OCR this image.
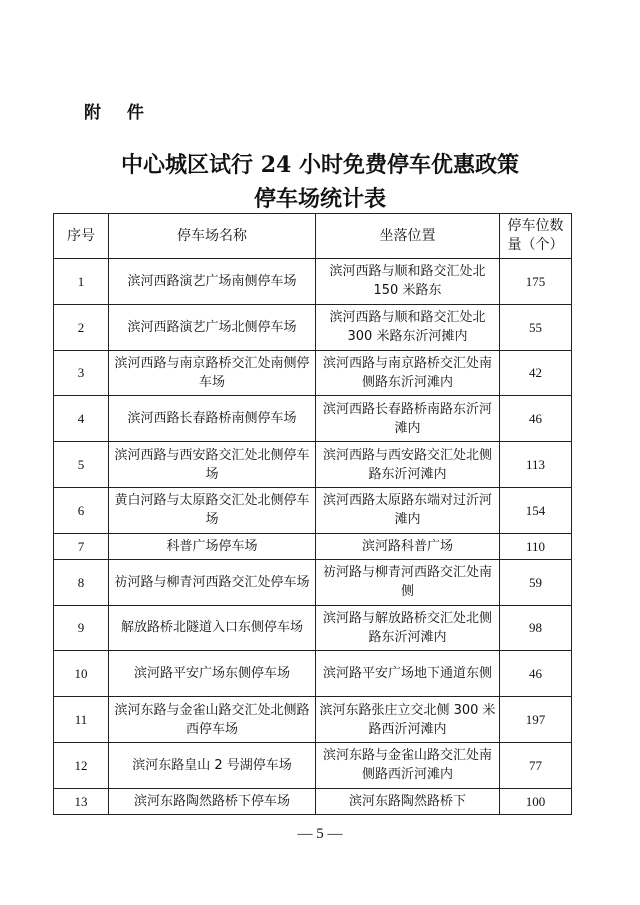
附 件
中心城区试行 24 小时免费停车优惠政策
停车场统计表
序号	停车场名称	坐落位置	停车位数量（个）
1	滨河西路演艺广场南侧停车场	滨河西路与顺和路交汇处北 150 米路东	175
2	滨河西路演艺广场北侧停车场	滨河西路与顺和路交汇处北 300 米路东沂河摊内	55
3	滨河西路与南京路桥交汇处南侧停车场	滨河西路与南京路桥交汇处南侧路东沂河滩内	42
4	滨河西路长春路桥南侧停车场	滨河西路长春路桥南路东沂河滩内	46
5	滨河西路与西安路交汇处北侧停车场	滨河西路与西安路交汇处北侧路东沂河滩内	113
6	黄白河路与太原路交汇处北侧停车场	滨河西路太原路东端对过沂河滩内	154
7	科普广场停车场	滨河路科普广场	110
8	祊河路与柳青河西路交汇处停车场	祊河路与柳青河西路交汇处南侧	59
9	解放路桥北隧道入口东侧停车场	滨河路与解放路桥交汇处北侧路东沂河滩内	98
10	滨河路平安广场东侧停车场	滨河路平安广场地下通道东侧	46
11	滨河东路与金雀山路交汇处北侧路西停车场	滨河东路张庄立交北侧 300 米路西沂河滩内	197
12	滨河东路皇山 2 号湖停车场	滨河东路与金雀山路交汇处南侧路西沂河滩内	77
13	滨河东路陶然路桥下停车场	滨河东路陶然路桥下	100
— 5 —
